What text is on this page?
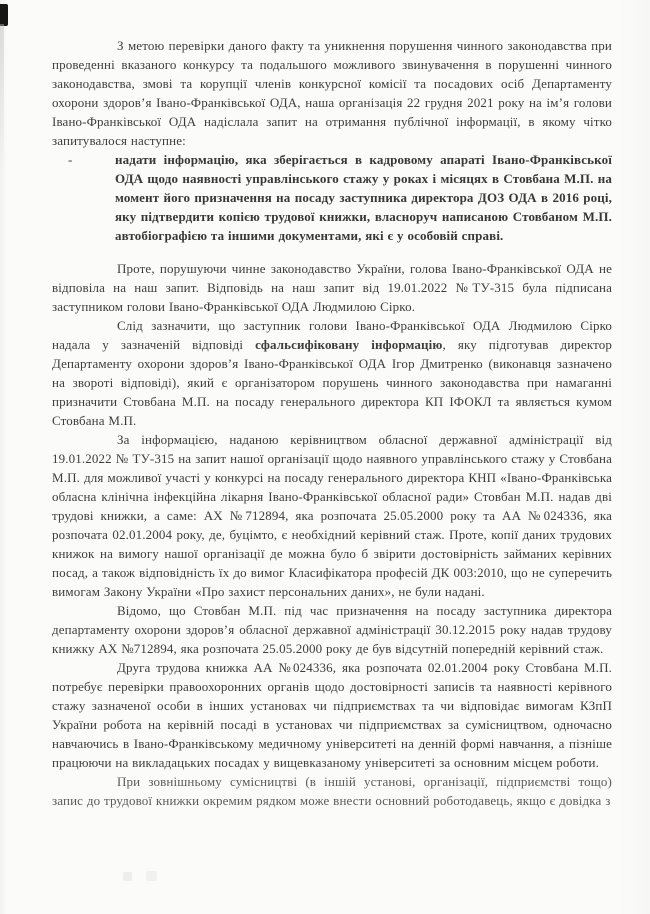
З метою перевірки даного факту та уникнення порушення чинного законодавства при проведенні вказаного конкурсу та подальшого можливого звинувачення в порушенні чинного законодавства, змові та корупції членів конкурсної комісії та посадових осіб Департаменту охорони здоров’я Івано-Франківської ОДА, наша організація 22 грудня 2021 року на ім’я голови Івано-Франківської ОДА надіслала запит на отримання публічної інформації, в якому чітко запитувалося наступне:

-	надати інформацію, яка зберігається в кадровому апараті Івано-Франківської ОДА щодо наявності управлінського стажу у роках і місяцях в Стовбана М.П. на момент його призначення на посаду заступника директора ДОЗ ОДА в 2016 році, яку підтвердити копією трудової книжки, власноруч написаною Стовбаном М.П. автобіографією та іншими документами, які є у особовій справі.

Проте, порушуючи чинне законодавство України, голова Івано-Франківської ОДА не відповіла на наш запит. Відповідь на наш запит від 19.01.2022 №ТУ-315 була підписана заступником голови Івано-Франківської ОДА Людмилою Сірко.

Слід зазначити, що заступник голови Івано-Франківської ОДА Людмилою Сірко надала у зазначеній відповіді сфальсифіковану інформацію, яку підготував директор Департаменту охорони здоров’я Івано-Франківської ОДА Ігор Дмитренко (виконавця зазначено на звороті відповіді), який є організатором порушень чинного законодавства при намаганні призначити Стовбана М.П. на посаду генерального директора КП ІФОКЛ та являється кумом Стовбана М.П.

За інформацією, наданою керівництвом обласної державної адміністрації від 19.01.2022 № ТУ-315 на запит нашої організації щодо наявного управлінського стажу у Стовбана М.П. для можливої участі у конкурсі на посаду генерального директора КНП «Івано-Франківська обласна клінічна інфекційна лікарня Івано-Франківської обласної ради» Стовбан М.П. надав дві трудові книжки, а саме: АХ №712894, яка розпочата 25.05.2000 року та АА №024336, яка розпочата 02.01.2004 року, де, буцімто, є необхідний керівний стаж. Проте, копії даних трудових книжок на вимогу нашої організації де можна було б звірити достовірність займаних керівних посад, а також відповідність їх до вимог Класифікатора професій ДК 003:2010, що не суперечить вимогам Закону України «Про захист персональних даних», не були надані.

Відомо, що Стовбан М.П. під час призначення на посаду заступника директора департаменту охорони здоров’я обласної державної адміністрації 30.12.2015 року надав трудову книжку АХ №712894, яка розпочата 25.05.2000 року де був відсутній попередній керівний стаж.

Друга трудова книжка АА №024336, яка розпочата 02.01.2004 року Стовбана М.П. потребує перевірки правоохоронних органів щодо достовірності записів та наявності керівного стажу зазначеної особи в інших установах чи підприємствах та чи відповідає вимогам КЗпП України робота на керівній посаді в установах чи підприємствах за сумісництвом, одночасно навчаючись в Івано-Франківському медичному університеті на денній формі навчання, а пізніше працюючи на викладацьких посадах у вищевказаному університеті за основним місцем роботи.

При зовнішньому сумісництві (в іншій установі, організації, підприємстві тощо) запис до трудової книжки окремим рядком може внести основний роботодавець, якщо є довідка з
